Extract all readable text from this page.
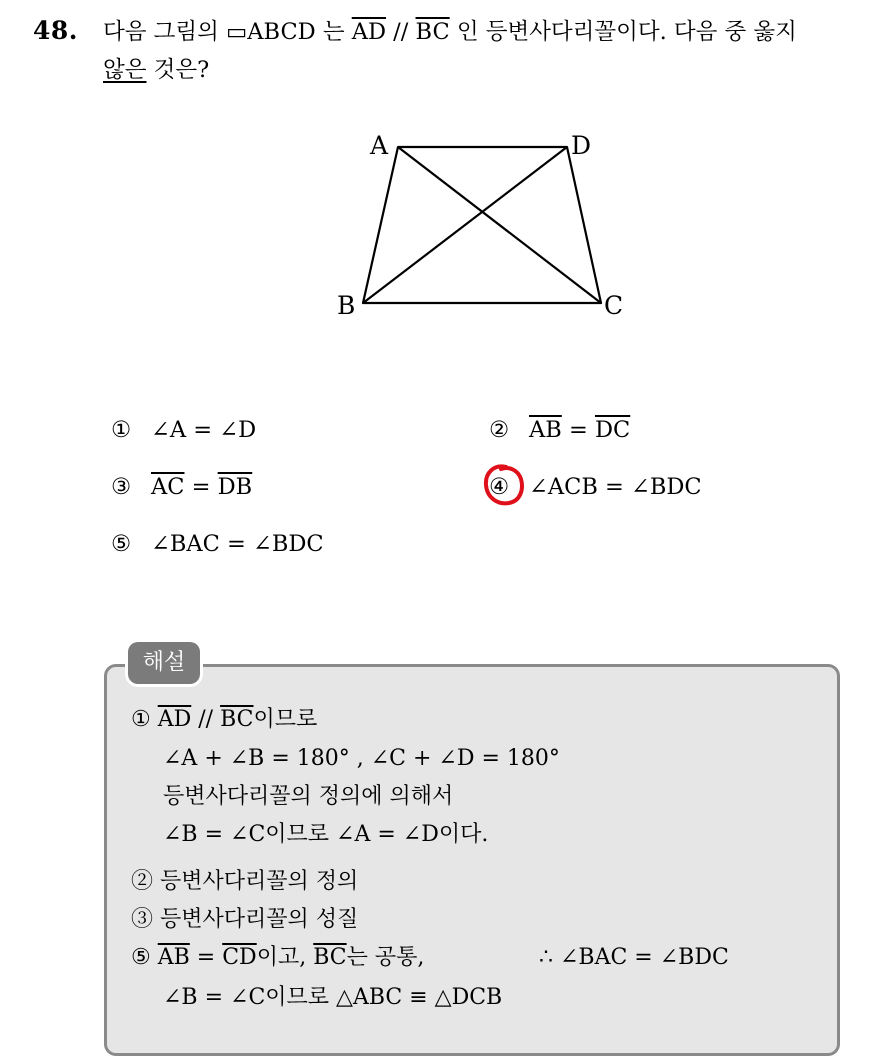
48. 다음 그림의 ▭ABCD 는 $\overline{AD} // \overline{BC}$ 인 등변사다리꼴이다. 다음 중 옳지
않은 것은?
A	D
B	C
① ∠A = ∠D	② $\overline{AB} = \overline{DC}$
③ $\overline{AC} = \overline{DB}$	④ ∠ACB = ∠BDC
⑤ ∠BAC = ∠BDC
해설
① $\overline{AD} // \overline{BC}$이므로
∠A + ∠B = 180° , ∠C + ∠D = 180°
등변사다리꼴의 정의에 의해서
∠B = ∠C이므로 ∠A = ∠D이다.
② 등변사다리꼴의 정의
③ 등변사다리꼴의 성질
⑤ $\overline{AB} = \overline{CD}$이고, $\overline{BC}$는 공통,	∴ ∠BAC = ∠BDC
∠B = ∠C이므로 △ABC ≡ △DCB
